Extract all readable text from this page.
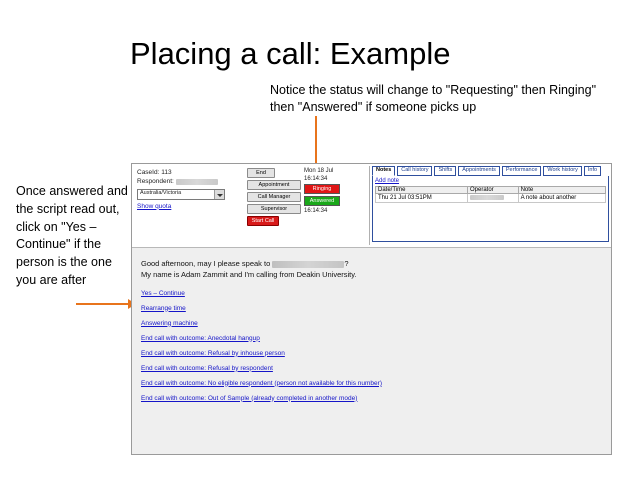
Placing a call: Example
Notice the status will change to "Requesting" then Ringing" then "Answered" if someone picks up
Once answered and the script read out, click on "Yes – Continue" if the person is the one you are after
CaseId: 113
Respondent:
Australia/Victoria
Show quota
End
Appointment
Call Manager
Supervisor
Start Call
Mon 18 Jul
16:14:34
Ringing
Answered
16:14:34
Notes	Call history	Shifts	Appointments	Performance	Work history	Info
Add note
Date/Time	Operator	Note
Thu 21 Jul 03:51PM		A note about another
Good afternoon, may I please speak to	?
My name is Adam Zammit and I'm calling from Deakin University.
Yes – Continue
Rearrange time
Answering machine
End call with outcome: Anecdotal hangup
End call with outcome: Refusal by inhouse person
End call with outcome: Refusal by respondent
End call with outcome: No eligible respondent (person not available for this number)
End call with outcome: Out of Sample (already completed in another mode)
